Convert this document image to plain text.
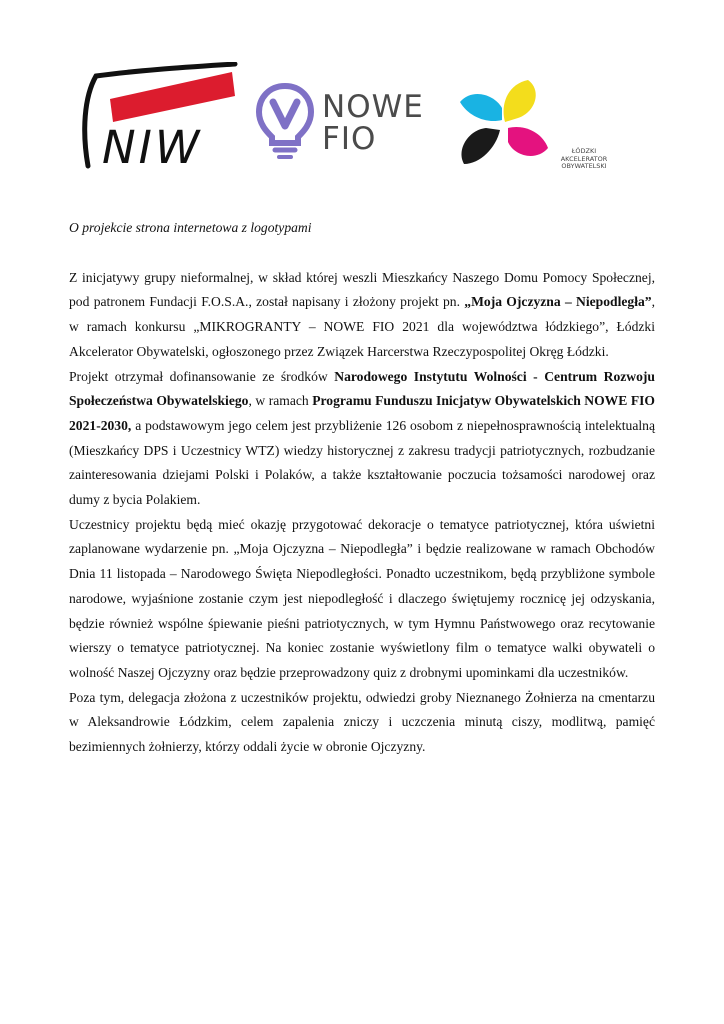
NIW
NOWE
FIO	ŁÓDZKI
AKCELERATOR
OBYWATELSKI

O projekcie strona internetowa z logotypami

Z inicjatywy grupy nieformalnej, w skład której weszli Mieszkańcy Naszego Domu Pomocy Społecznej, pod patronem Fundacji F.O.S.A., został napisany i złożony projekt pn. „Moja Ojczyzna – Niepodległa”, w ramach konkursu „MIKROGRANTY – NOWE FIO 2021 dla województwa łódzkiego”, Łódzki Akcelerator Obywatelski, ogłoszonego przez Związek Harcerstwa Rzeczypospolitej Okręg Łódzki.

Projekt otrzymał dofinansowanie ze środków Narodowego Instytutu Wolności - Centrum Rozwoju Społeczeństwa Obywatelskiego, w ramach Programu Funduszu Inicjatyw Obywatelskich NOWE FIO 2021-2030, a podstawowym jego celem jest przybliżenie 126 osobom z niepełnosprawnością intelektualną (Mieszkańcy DPS i Uczestnicy WTZ) wiedzy historycznej z zakresu tradycji patriotycznych, rozbudzanie zainteresowania dziejami Polski i Polaków, a także kształtowanie poczucia tożsamości narodowej oraz dumy z bycia Polakiem.

Uczestnicy projektu będą mieć okazję przygotować dekoracje o tematyce patriotycznej, która uświetni zaplanowane wydarzenie pn. „Moja Ojczyzna – Niepodległa” i będzie realizowane w ramach Obchodów Dnia 11 listopada – Narodowego Święta Niepodległości. Ponadto uczestnikom, będą przybliżone symbole narodowe, wyjaśnione zostanie czym jest niepodległość i dlaczego świętujemy rocznicę jej odzyskania, będzie również wspólne śpiewanie pieśni patriotycznych, w tym Hymnu Państwowego oraz recytowanie wierszy o tematyce patriotycznej. Na koniec zostanie wyświetlony film o tematyce walki obywateli o wolność Naszej Ojczyzny oraz będzie przeprowadzony quiz z drobnymi upominkami dla uczestników.

Poza tym, delegacja złożona z uczestników projektu, odwiedzi groby Nieznanego Żołnierza na cmentarzu w Aleksandrowie Łódzkim, celem zapalenia zniczy i uczczenia minutą ciszy, modlitwą, pamięć bezimiennych żołnierzy, którzy oddali życie w obronie Ojczyzny.
